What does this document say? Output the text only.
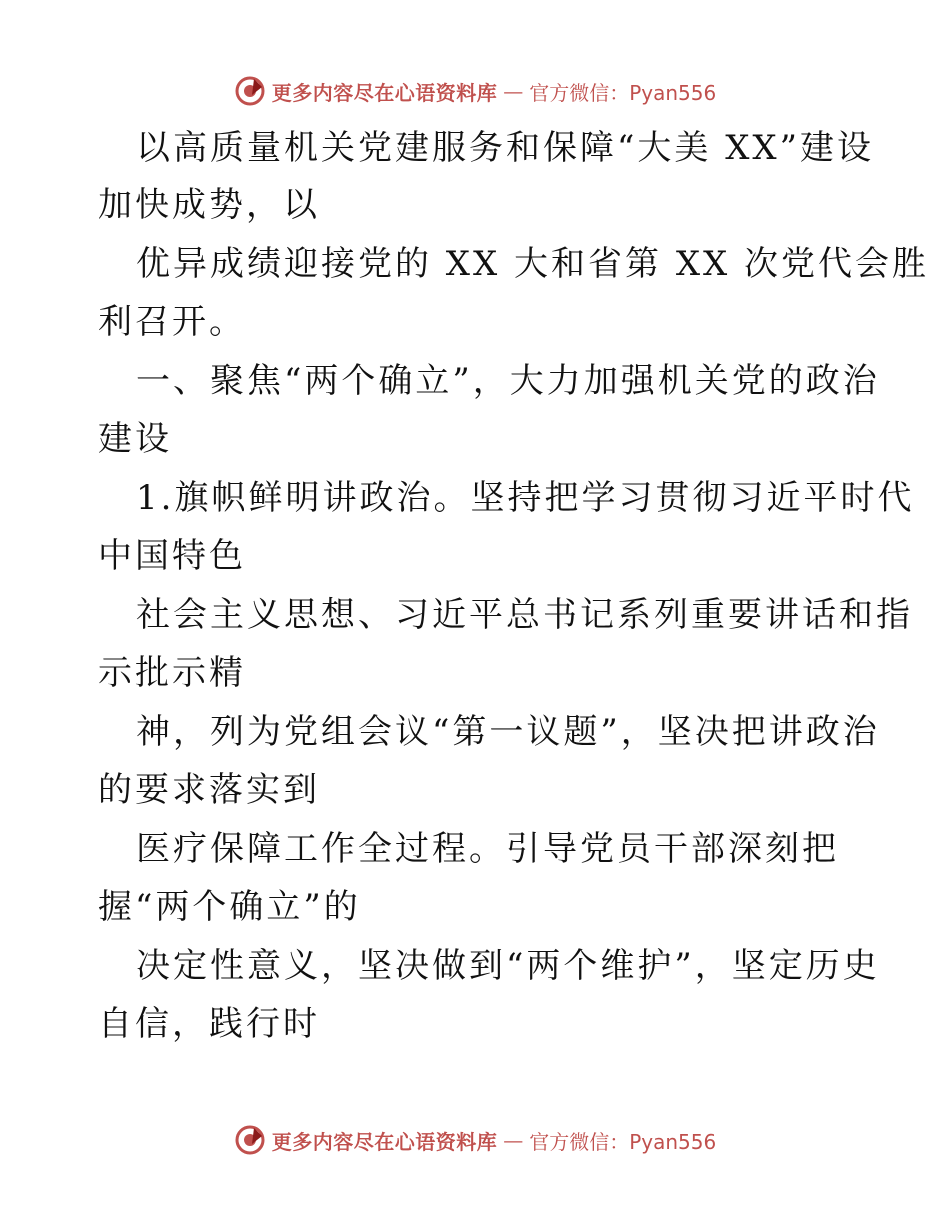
更多内容尽在心语资料库 — 官方微信：Pyan556
以高质量机关党建服务和保障“大美 XX”建设
加快成势，以
优异成绩迎接党的 XX 大和省第 XX 次党代会胜
利召开。
一、聚焦“两个确立”，大力加强机关党的政治
建设
1.旗帜鲜明讲政治。坚持把学习贯彻习近平时代
中国特色
社会主义思想、习近平总书记系列重要讲话和指
示批示精
神，列为党组会议“第一议题”，坚决把讲政治
的要求落实到
医疗保障工作全过程。引导党员干部深刻把
握“两个确立”的
决定性意义，坚决做到“两个维护”，坚定历史
自信，践行时
更多内容尽在心语资料库 — 官方微信：Pyan556
